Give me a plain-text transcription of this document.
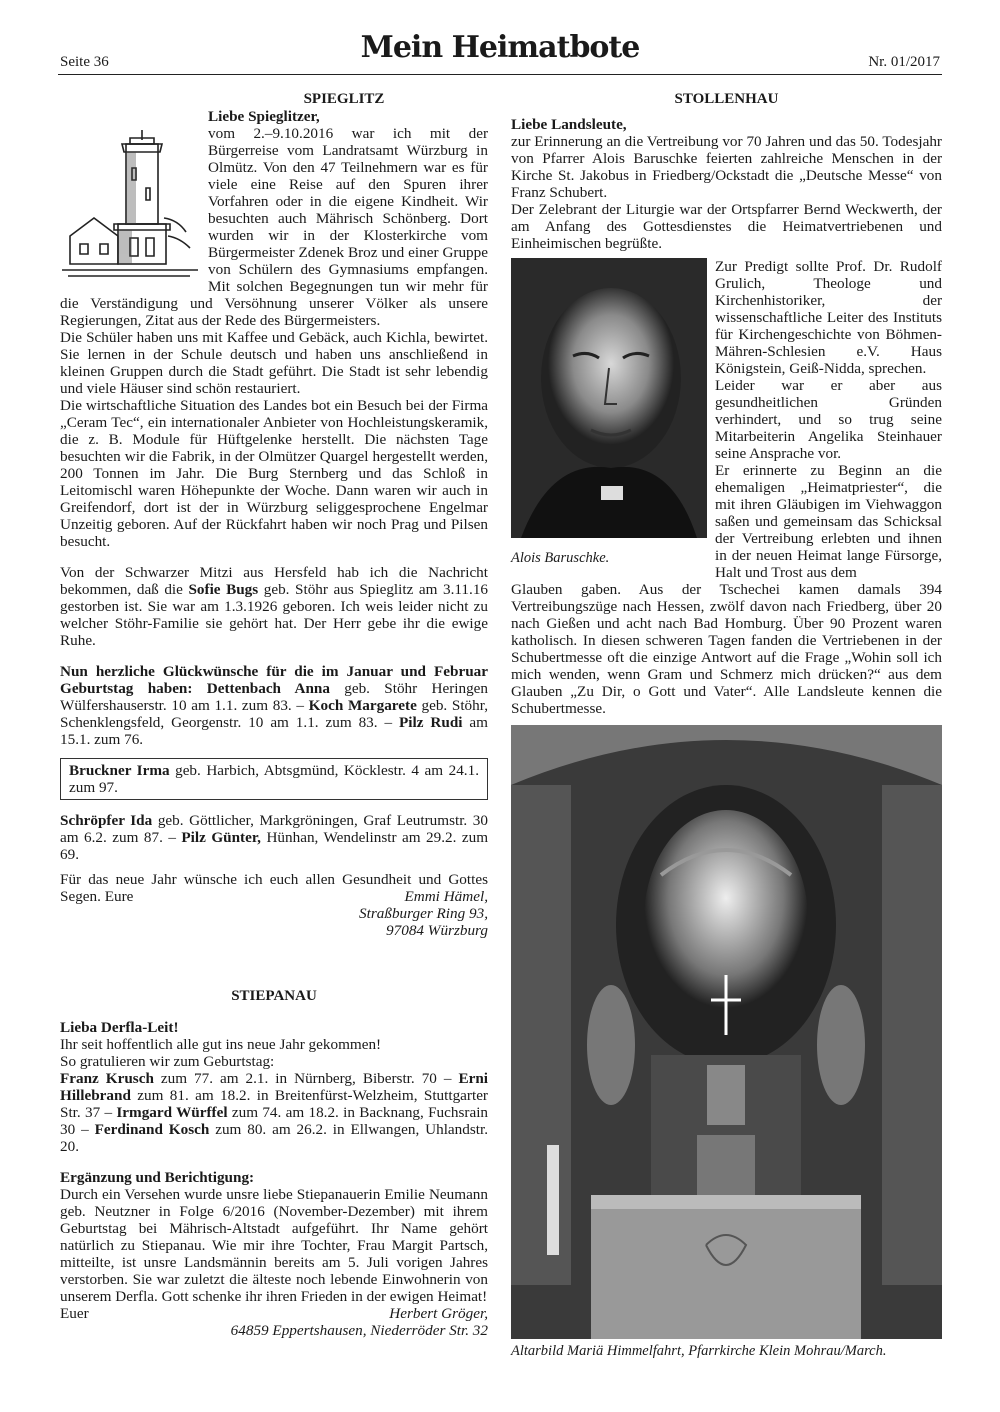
Seite 36	Mein Heimatbote	Nr. 01/2017

SPIEGLITZ

Liebe Spieglitzer,

vom 2.–9.10.2016 war ich mit der Bürgerreise vom Landratsamt Würzburg in Olmütz. Von den 47 Teilnehmern war es für viele eine Reise auf den Spuren ihrer Vorfahren oder in die eigene Kindheit. Wir besuchten auch Mährisch Schönberg. Dort wurden wir in der Klosterkirche vom Bürgermeister Zdenek Broz und einer Gruppe von Schülern des Gymnasiums empfangen. Mit solchen Begegnungen tun wir mehr für die Verständigung und Versöhnung unserer Völker als unsere Regierungen, Zitat aus der Rede des Bürgermeisters.

Die Schüler haben uns mit Kaffee und Gebäck, auch Kichla, bewirtet. Sie lernen in der Schule deutsch und haben uns anschließend in kleinen Gruppen durch die Stadt geführt. Die Stadt ist sehr lebendig und viele Häuser sind schön restauriert.

Die wirtschaftliche Situation des Landes bot ein Besuch bei der Firma „Ceram Tec“, ein internationaler Anbieter von Hochleistungskeramik, die z. B. Module für Hüftgelenke herstellt. Die nächsten Tage besuchten wir die Fabrik, in der Olmützer Quargel hergestellt werden, 200 Tonnen im Jahr. Die Burg Sternberg und das Schloß in Leitomischl waren Höhepunkte der Woche. Dann waren wir auch in Greifendorf, dort ist der in Würzburg seliggesprochene Engelmar Unzeitig geboren. Auf der Rückfahrt haben wir noch Prag und Pilsen besucht.

Von der Schwarzer Mitzi aus Hersfeld hab ich die Nachricht bekommen, daß die Sofie Bugs geb. Stöhr aus Spieglitz am 3.11.16 gestorben ist. Sie war am 1.3.1926 geboren. Ich weis leider nicht zu welcher Stöhr-Familie sie gehört hat. Der Herr gebe ihr die ewige Ruhe.

Nun herzliche Glückwünsche für die im Januar und Februar Geburtstag haben: Dettenbach Anna geb. Stöhr Heringen Wülfershauserstr. 10 am 1.1. zum 83. – Koch Margarete geb. Stöhr, Schenklengsfeld, Georgenstr. 10 am 1.1. zum 83. – Pilz Rudi am 15.1. zum 76.

Bruckner Irma geb. Harbich, Abtsgmünd, Köcklestr. 4 am 24.1. zum 97.

Schröpfer Ida geb. Göttlicher, Markgröningen, Graf Leutrumstr. 30 am 6.2. zum 87. – Pilz Günter, Hünhan, Wendelinstr am 29.2. zum 69.

Für das neue Jahr wünsche ich euch allen Gesundheit und Gottes Segen. Eure	Emmi Hämel,

Straßburger Ring 93,

97084 Würzburg

STIEPANAU

Lieba Derfla-Leit!

Ihr seit hoffentlich alle gut ins neue Jahr gekommen!

So gratulieren wir zum Geburtstag:

Franz Krusch zum 77. am 2.1. in Nürnberg, Biberstr. 70 – Erni Hillebrand zum 81. am 18.2. in Breitenfürst-Welzheim, Stuttgarter Str. 37 – Irmgard Würffel zum 74. am 18.2. in Backnang, Fuchsrain 30 – Ferdinand Kosch zum 80. am 26.2. in Ellwangen, Uhlandstr. 20.

Ergänzung und Berichtigung:

Durch ein Versehen wurde unsre liebe Stiepanauerin Emilie Neumann geb. Neutzner in Folge 6/2016 (November-Dezember) mit ihrem Geburtstag bei Mährisch-Altstadt aufgeführt. Ihr Name gehört natürlich zu Stiepanau. Wie mir ihre Tochter, Frau Margit Partsch, mitteilte, ist unsre Landsmännin bereits am 5. Juli vorigen Jahres verstorben. Sie war zuletzt die älteste noch lebende Einwohnerin von unserem Derfla. Gott schenke ihr ihren Frieden in der ewigen Heimat!

Euer	Herbert Gröger,

64859 Eppertshausen, Niederröder Str. 32

STOLLENHAU

Liebe Landsleute,

zur Erinnerung an die Vertreibung vor 70 Jahren und das 50. Todesjahr von Pfarrer Alois Baruschke feierten zahlreiche Menschen in der Kirche St. Jakobus in Friedberg/Ockstadt die „Deutsche Messe“ von Franz Schubert.

Der Zelebrant der Liturgie war der Ortspfarrer Bernd Weckwerth, der am Anfang des Gottesdienstes die Heimatvertriebenen und Einheimischen begrüßte.

Alois Baruschke.

Zur Predigt sollte Prof. Dr. Rudolf Grulich, Theologe und Kirchenhistoriker, der wissenschaftliche Leiter des Instituts für Kirchengeschichte von Böhmen-Mähren-Schlesien e.V. Haus Königstein, Geiß-Nidda, sprechen.

Leider war er aber aus gesundheitlichen Gründen verhindert, und so trug seine Mitarbeiterin Angelika Steinhauer seine Ansprache vor.

Er erinnerte zu Beginn an die ehemaligen „Heimatpriester“, die mit ihren Gläubigen im Viehwaggon saßen und gemeinsam das Schicksal der Vertreibung erlebten und ihnen in der neuen Heimat lange Fürsorge, Halt und Trost aus dem

Glauben gaben. Aus der Tschechei kamen damals 394 Vertreibungszüge nach Hessen, zwölf davon nach Friedberg, über 20 nach Gießen und acht nach Bad Homburg. Über 90 Prozent waren katholisch. In diesen schweren Tagen fanden die Vertriebenen in der Schubertmesse oft die einzige Antwort auf die Frage „Wohin soll ich mich wenden, wenn Gram und Schmerz mich drücken?“ aus dem Glauben „Zu Dir, o Gott und Vater“. Alle Landsleute kennen die Schubertmesse.

Altarbild Mariä Himmelfahrt, Pfarrkirche Klein Mohrau/March.
